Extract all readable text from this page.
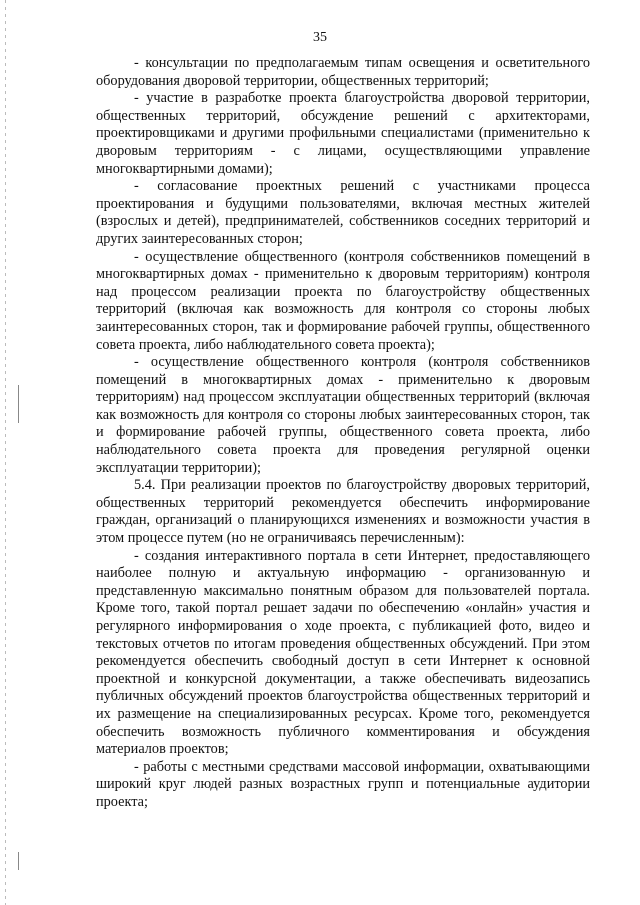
35

- консультации по предполагаемым типам освещения и осветительного оборудования дворовой территории, общественных территорий;

- участие в разработке проекта благоустройства дворовой территории, общественных территорий, обсуждение решений с архитекторами, проектировщиками и другими профильными специалистами (применительно к дворовым территориям - с лицами, осуществляющими управление многоквартирными домами);

- согласование проектных решений с участниками процесса проектирования и будущими пользователями, включая местных жителей (взрослых и детей), предпринимателей, собственников соседних территорий и других заинтересованных сторон;

- осуществление общественного (контроля собственников помещений в многоквартирных домах - применительно к дворовым территориям) контроля над процессом реализации проекта по благоустройству общественных территорий (включая как возможность для контроля со стороны любых заинтересованных сторон, так и формирование рабочей группы, общественного совета проекта, либо наблюдательного совета проекта);

- осуществление общественного контроля (контроля собственников помещений в многоквартирных домах - применительно к дворовым территориям) над процессом эксплуатации общественных территорий (включая как возможность для контроля со стороны любых заинтересованных сторон, так и формирование рабочей группы, общественного совета проекта, либо наблюдательного совета проекта для проведения регулярной оценки эксплуатации территории);

5.4. При реализации проектов по благоустройству дворовых территорий, общественных территорий рекомендуется обеспечить информирование граждан, организаций о планирующихся изменениях и возможности участия в этом процессе путем (но не ограничиваясь перечисленным):

- создания интерактивного портала в сети Интернет, предоставляющего наиболее полную и актуальную информацию - организованную и представленную максимально понятным образом для пользователей портала. Кроме того, такой портал решает задачи по обеспечению «онлайн» участия и регулярного информирования о ходе проекта, с публикацией фото, видео и текстовых отчетов по итогам проведения общественных обсуждений. При этом рекомендуется обеспечить свободный доступ в сети Интернет к основной проектной и конкурсной документации, а также обеспечивать видеозапись публичных обсуждений проектов благоустройства общественных территорий и их размещение на специализированных ресурсах. Кроме того, рекомендуется обеспечить возможность публичного комментирования и обсуждения материалов проектов;

- работы с местными средствами массовой информации, охватывающими широкий круг людей разных возрастных групп и потенциальные аудитории проекта;
